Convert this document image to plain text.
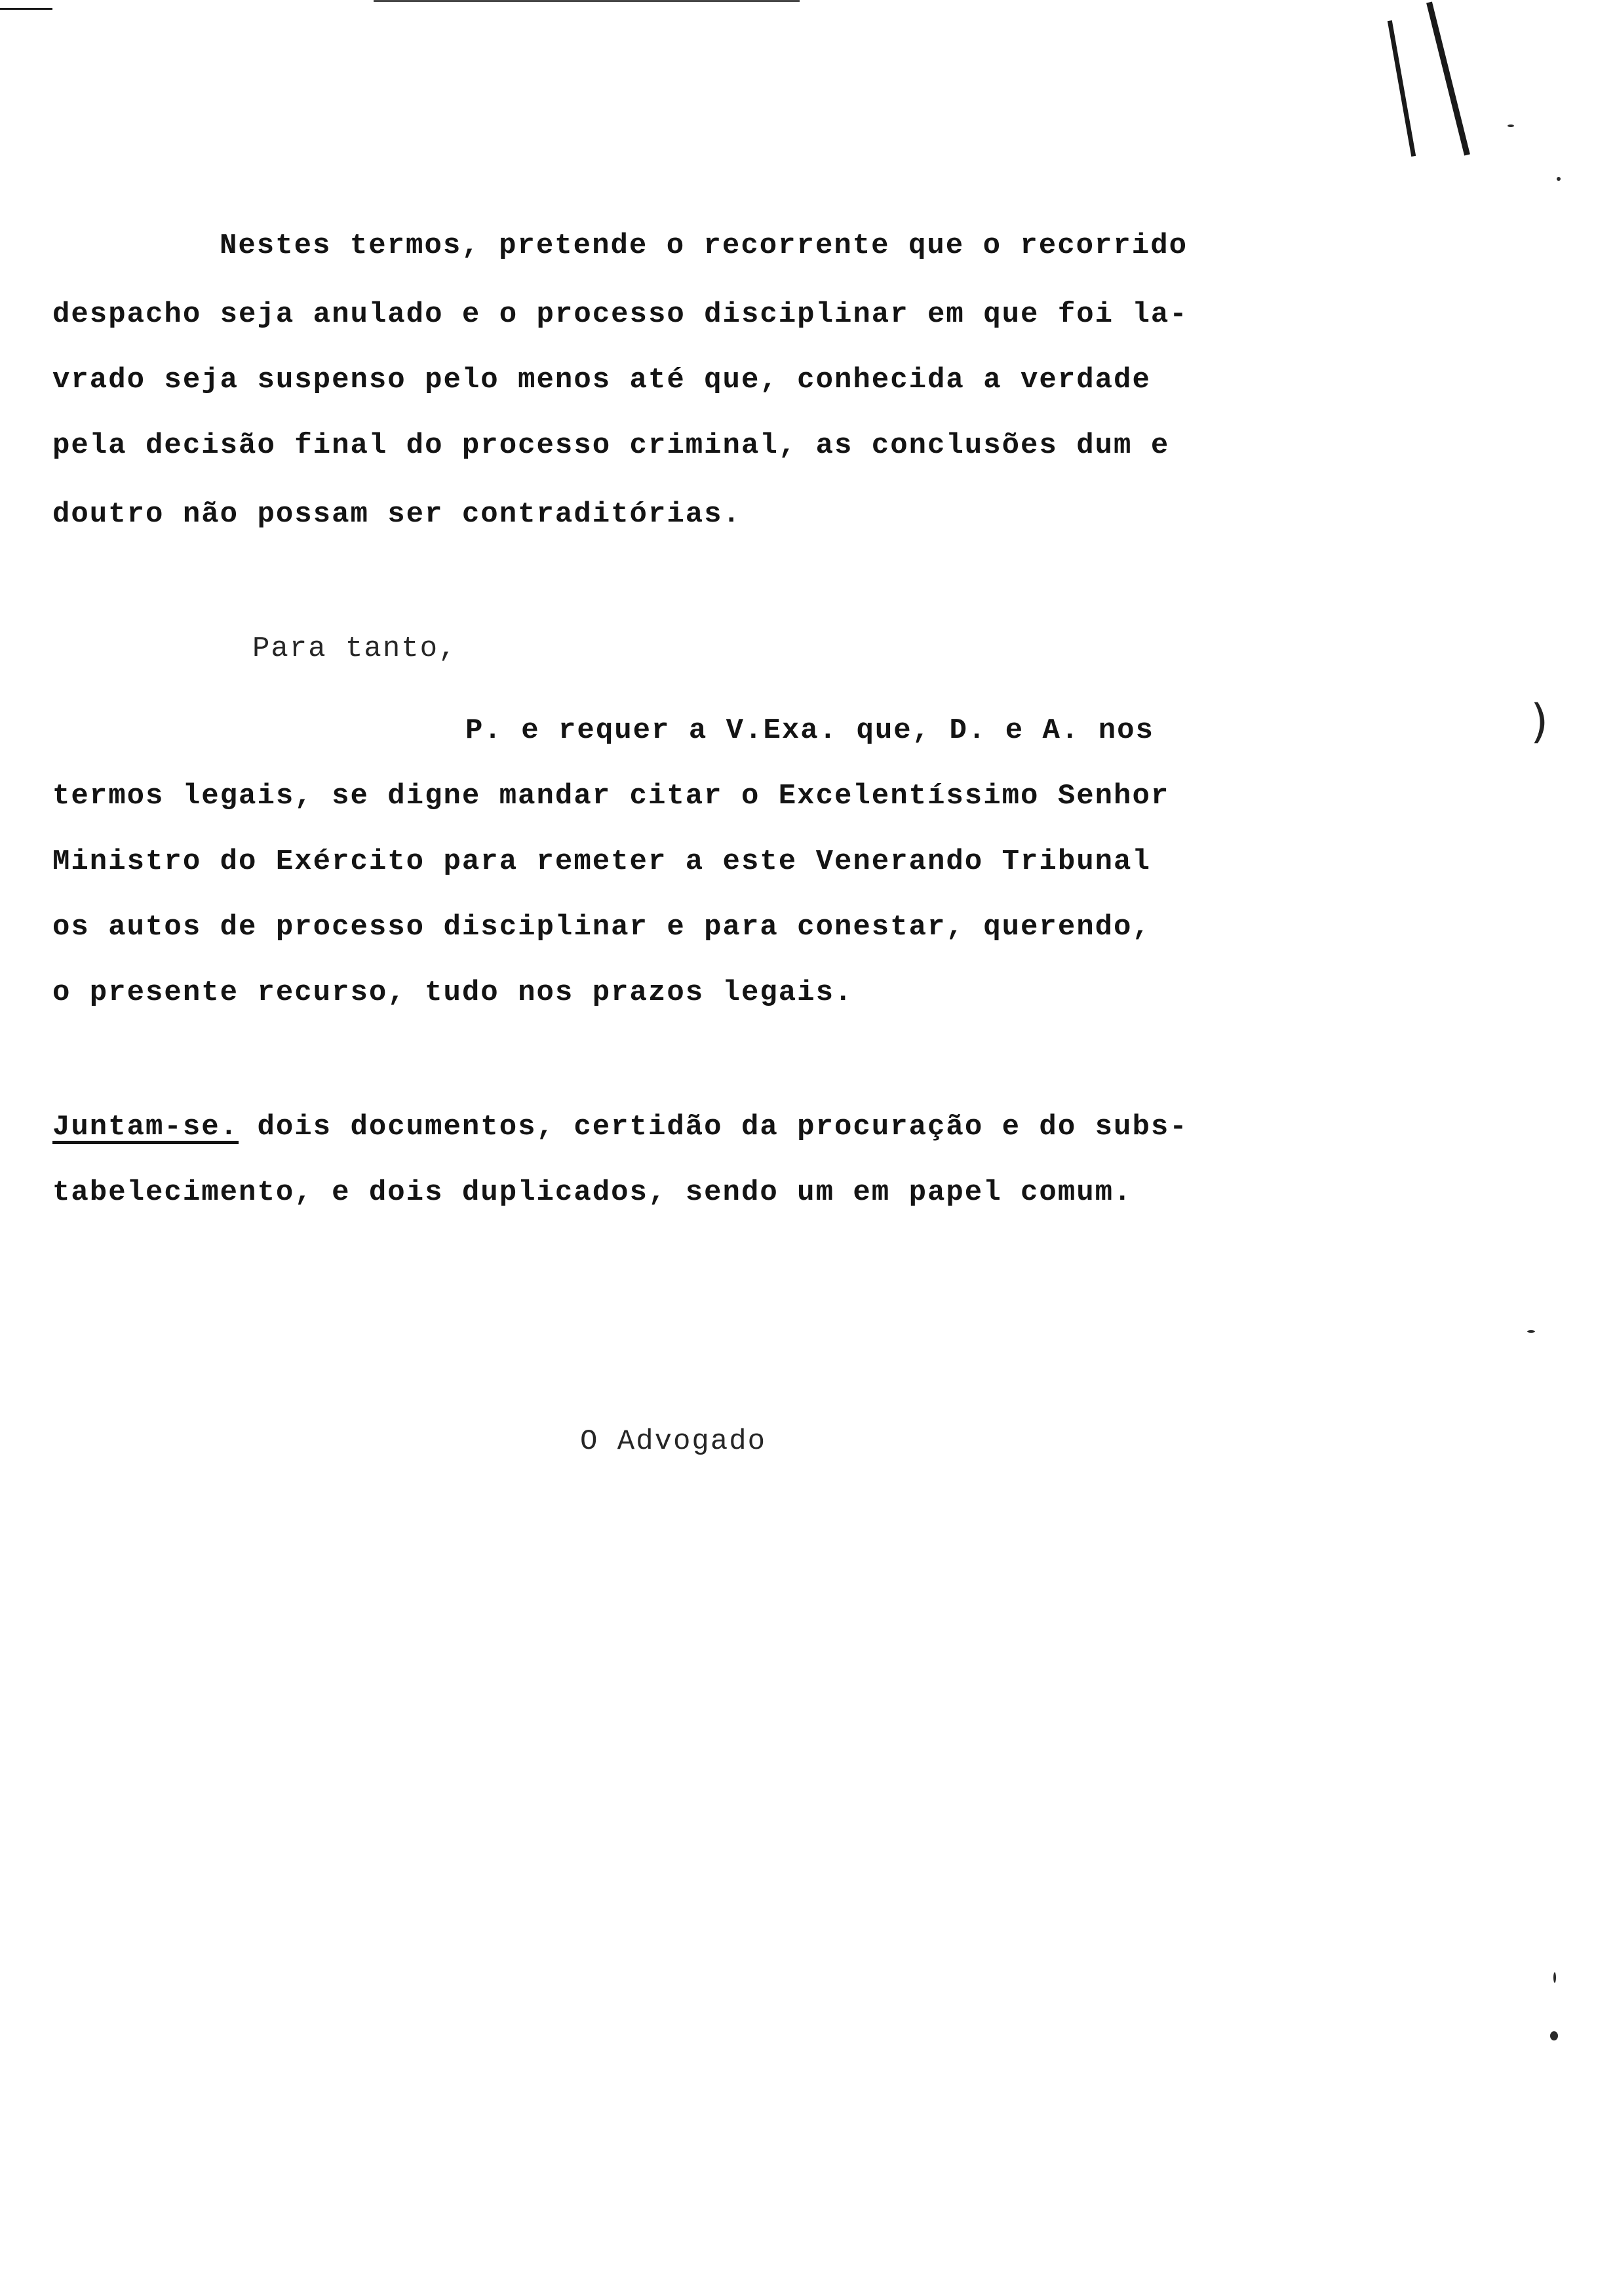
)
Nestes termos, pretende o recorrente que o recorrido
despacho seja anulado e o processo disciplinar em que foi la-
vrado seja suspenso pelo menos até que, conhecida a verdade
pela decisão final do processo criminal, as conclusões dum e
doutro não possam ser contraditórias.
Para tanto,
P. e requer a V.Exa. que, D. e A. nos
termos legais, se digne mandar citar o Excelentíssimo Senhor
Ministro do Exército para remeter a este Venerando Tribunal
os autos de processo disciplinar e para conestar, querendo,
o presente recurso, tudo nos prazos legais.
Juntam-se. dois documentos, certidão da procuração e do subs-
tabelecimento, e dois duplicados, sendo um em papel comum.
O Advogado
